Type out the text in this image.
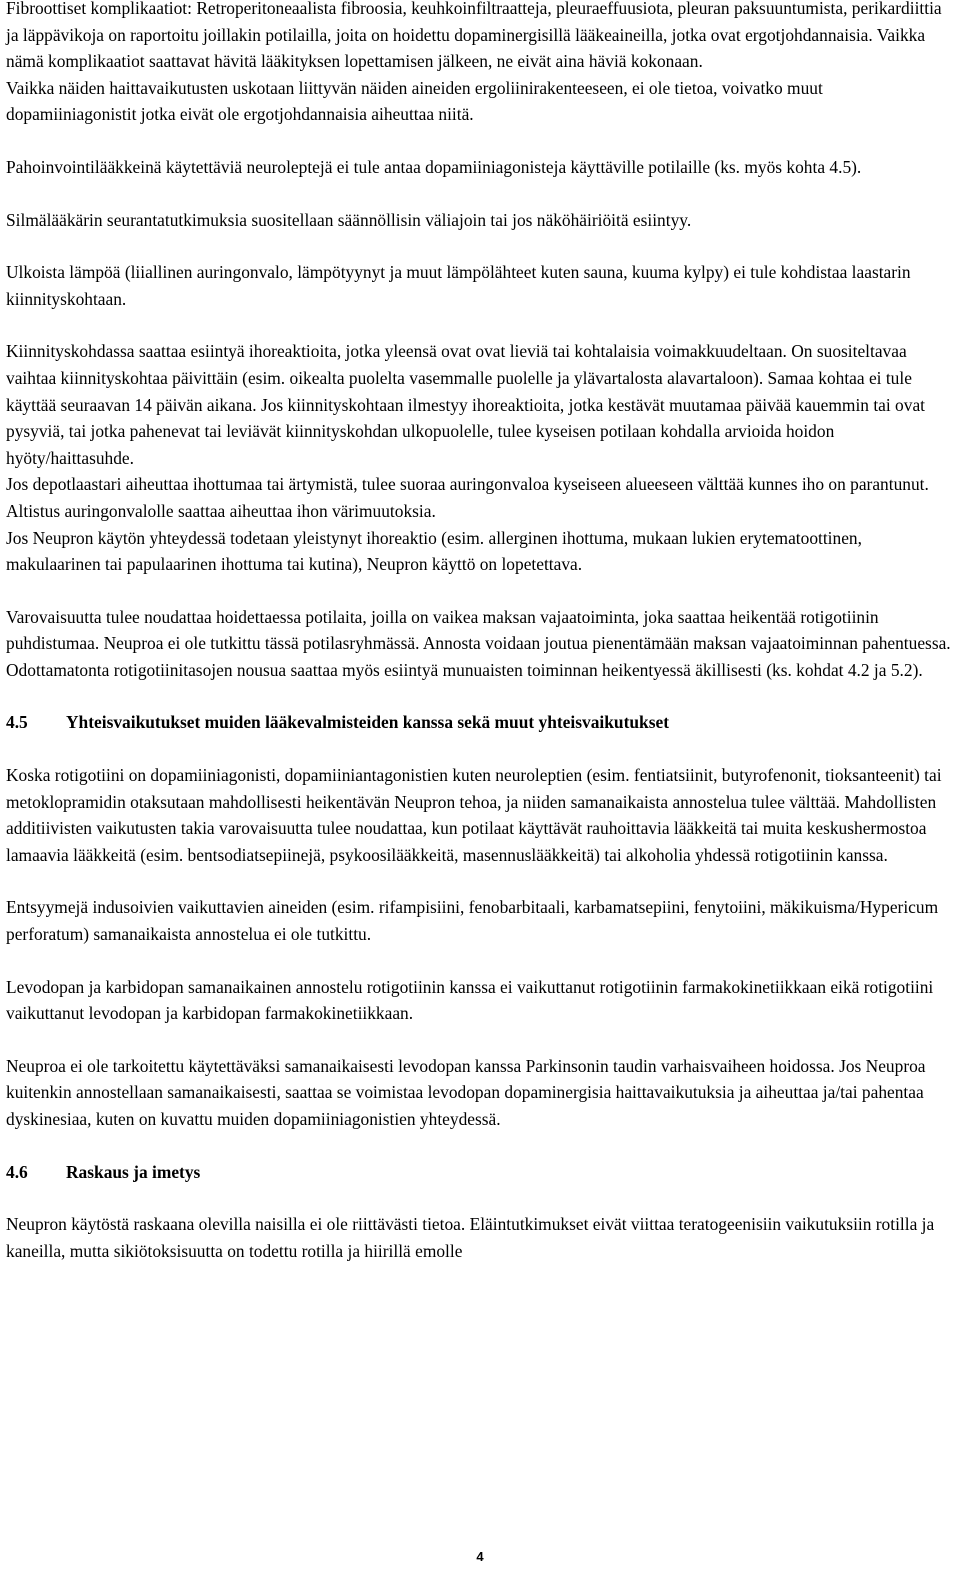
Fibroottiset komplikaatiot: Retroperitoneaalista fibroosia, keuhkoinfiltraatteja, pleuraeffuusiota, pleuran paksuuntumista, perikardiittia ja läppävikoja on raportoitu joillakin potilailla, joita on hoidettu dopaminergisillä lääkeaineilla, jotka ovat ergotjohdannaisia. Vaikka nämä komplikaatiot saattavat hävitä lääkityksen lopettamisen jälkeen, ne eivät aina häviä kokonaan.

Vaikka näiden haittavaikutusten uskotaan liittyvän näiden aineiden ergoliinirakenteeseen, ei ole tietoa, voivatko muut dopamiiniagonistit jotka eivät ole ergotjohdannaisia aiheuttaa niitä.

Pahoinvointilääkkeinä käytettäviä neuroleptejä ei tule antaa dopamiiniagonisteja käyttäville potilaille (ks. myös kohta 4.5).

Silmälääkärin seurantatutkimuksia suositellaan säännöllisin väliajoin tai jos näköhäiriöitä esiintyy.

Ulkoista lämpöä (liiallinen auringonvalo, lämpötyynyt ja muut lämpölähteet kuten sauna, kuuma kylpy) ei tule kohdistaa laastarin kiinnityskohtaan.

Kiinnityskohdassa saattaa esiintyä ihoreaktioita, jotka yleensä ovat ovat lieviä tai kohtalaisia voimakkuudeltaan. On suositeltavaa vaihtaa kiinnityskohtaa päivittäin (esim. oikealta puolelta vasemmalle puolelle ja ylävartalosta alavartaloon). Samaa kohtaa ei tule käyttää seuraavan 14 päivän aikana. Jos kiinnityskohtaan ilmestyy ihoreaktioita, jotka kestävät muutamaa päivää kauemmin tai ovat pysyviä, tai jotka pahenevat tai leviävät kiinnityskohdan ulkopuolelle, tulee kyseisen potilaan kohdalla arvioida hoidon hyöty/haittasuhde.

Jos depotlaastari aiheuttaa ihottumaa tai ärtymistä, tulee suoraa auringonvaloa kyseiseen alueeseen välttää kunnes iho on parantunut. Altistus auringonvalolle saattaa aiheuttaa ihon värimuutoksia.

Jos Neupron käytön yhteydessä todetaan yleistynyt ihoreaktio (esim. allerginen ihottuma, mukaan lukien erytematoottinen, makulaarinen tai papulaarinen ihottuma tai kutina), Neupron käyttö on lopetettava.

Varovaisuutta tulee noudattaa hoidettaessa potilaita, joilla on vaikea maksan vajaatoiminta, joka saattaa heikentää rotigotiinin puhdistumaa. Neuproa ei ole tutkittu tässä potilasryhmässä. Annosta voidaan joutua pienentämään maksan vajaatoiminnan pahentuessa. Odottamatonta rotigotiinitasojen nousua saattaa myös esiintyä munuaisten toiminnan heikentyessä äkillisesti (ks. kohdat 4.2 ja 5.2).

4.5	Yhteisvaikutukset muiden lääkevalmisteiden kanssa sekä muut yhteisvaikutukset

Koska rotigotiini on dopamiiniagonisti, dopamiiniantagonistien kuten neuroleptien (esim. fentiatsiinit, butyrofenonit, tioksanteenit) tai metoklopramidin otaksutaan mahdollisesti heikentävän Neupron tehoa, ja niiden samanaikaista annostelua tulee välttää. Mahdollisten additiivisten vaikutusten takia varovaisuutta tulee noudattaa, kun potilaat käyttävät rauhoittavia lääkkeitä tai muita keskushermostoa lamaavia lääkkeitä (esim. bentsodiatsepiinejä, psykoosilääkkeitä, masennuslääkkeitä) tai alkoholia yhdessä rotigotiinin kanssa.

Entsyymejä indusoivien vaikuttavien aineiden (esim. rifampisiini, fenobarbitaali, karbamatsepiini, fenytoiini, mäkikuisma/Hypericum perforatum) samanaikaista annostelua ei ole tutkittu.

Levodopan ja karbidopan samanaikainen annostelu rotigotiinin kanssa ei vaikuttanut rotigotiinin farmakokinetiikkaan eikä rotigotiini vaikuttanut levodopan ja karbidopan farmakokinetiikkaan.

Neuproa ei ole tarkoitettu käytettäväksi samanaikaisesti levodopan kanssa Parkinsonin taudin varhaisvaiheen hoidossa. Jos Neuproa kuitenkin annostellaan samanaikaisesti, saattaa se voimistaa levodopan dopaminergisia haittavaikutuksia ja aiheuttaa ja/tai pahentaa dyskinesiaa, kuten on kuvattu muiden dopamiiniagonistien yhteydessä.

4.6	Raskaus ja imetys

Neupron käytöstä raskaana olevilla naisilla ei ole riittävästi tietoa. Eläintutkimukset eivät viittaa teratogeenisiin vaikutuksiin rotilla ja kaneilla, mutta sikiötoksisuutta on todettu rotilla ja hiirillä emolle

4
